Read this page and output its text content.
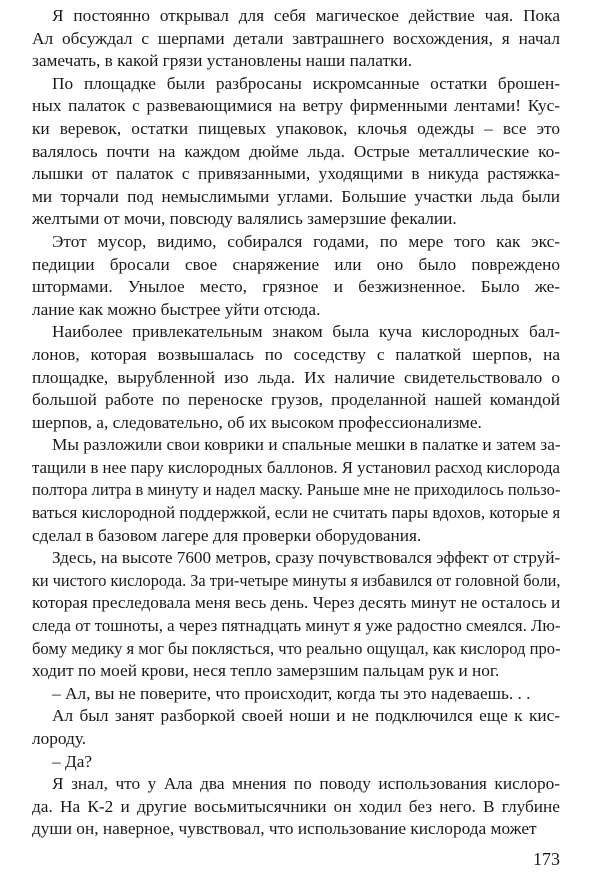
Я постоянно открывал для себя магическое действие чая. Пока
Ал обсуждал с шерпами детали завтрашнего восхождения, я начал
замечать, в какой грязи установлены наши палатки.
По площадке были разбросаны искромсанные остатки брошен-
ных палаток с развевающимися на ветру фирменными лентами! Кус-
ки веревок, остатки пищевых упаковок, клочья одежды – все это
валялось почти на каждом дюйме льда. Острые металлические ко-
лышки от палаток с привязанными, уходящими в никуда растяжка-
ми торчали под немыслимыми углами. Большие участки льда были
желтыми от мочи, повсюду валялись замерзшие фекалии.
Этот мусор, видимо, собирался годами, по мере того как экс-
педиции бросали свое снаряжение или оно было повреждено
штормами. Унылое место, грязное и безжизненное. Было же-
лание как можно быстрее уйти отсюда.
Наиболее привлекательным знаком была куча кислородных бал-
лонов, которая возвышалась по соседству с палаткой шерпов, на
площадке, вырубленной изо льда. Их наличие свидетельствовало о
большой работе по переноске грузов, проделанной нашей командой
шерпов, а, следовательно, об их высоком профессионализме.
Мы разложили свои коврики и спальные мешки в палатке и затем за-
тащили в нее пару кислородных баллонов. Я установил расход кислорода
полтора литра в минуту и надел маску. Раньше мне не приходилось пользо-
ваться кислородной поддержкой, если не считать пары вдохов, которые я
сделал в базовом лагере для проверки оборудования.
Здесь, на высоте 7600 метров, сразу почувствовался эффект от струй-
ки чистого кислорода. За три-четыре минуты я избавился от головной боли,
которая преследовала меня весь день. Через десять минут не осталось и
следа от тошноты, а через пятнадцать минут я уже радостно смеялся. Лю-
бому медику я мог бы поклясться, что реально ощущал, как кислород про-
ходит по моей крови, неся тепло замерзшим пальцам рук и ног.
– Ал, вы не поверите, что происходит, когда ты это надеваешь. . .
Ал был занят разборкой своей ноши и не подключился еще к кис-
лороду.
– Да?
Я знал, что у Ала два мнения по поводу использования кислоро-
да. На К-2 и другие восьмитысячники он ходил без него. В глубине
души он, наверное, чувствовал, что использование кислорода может
173
